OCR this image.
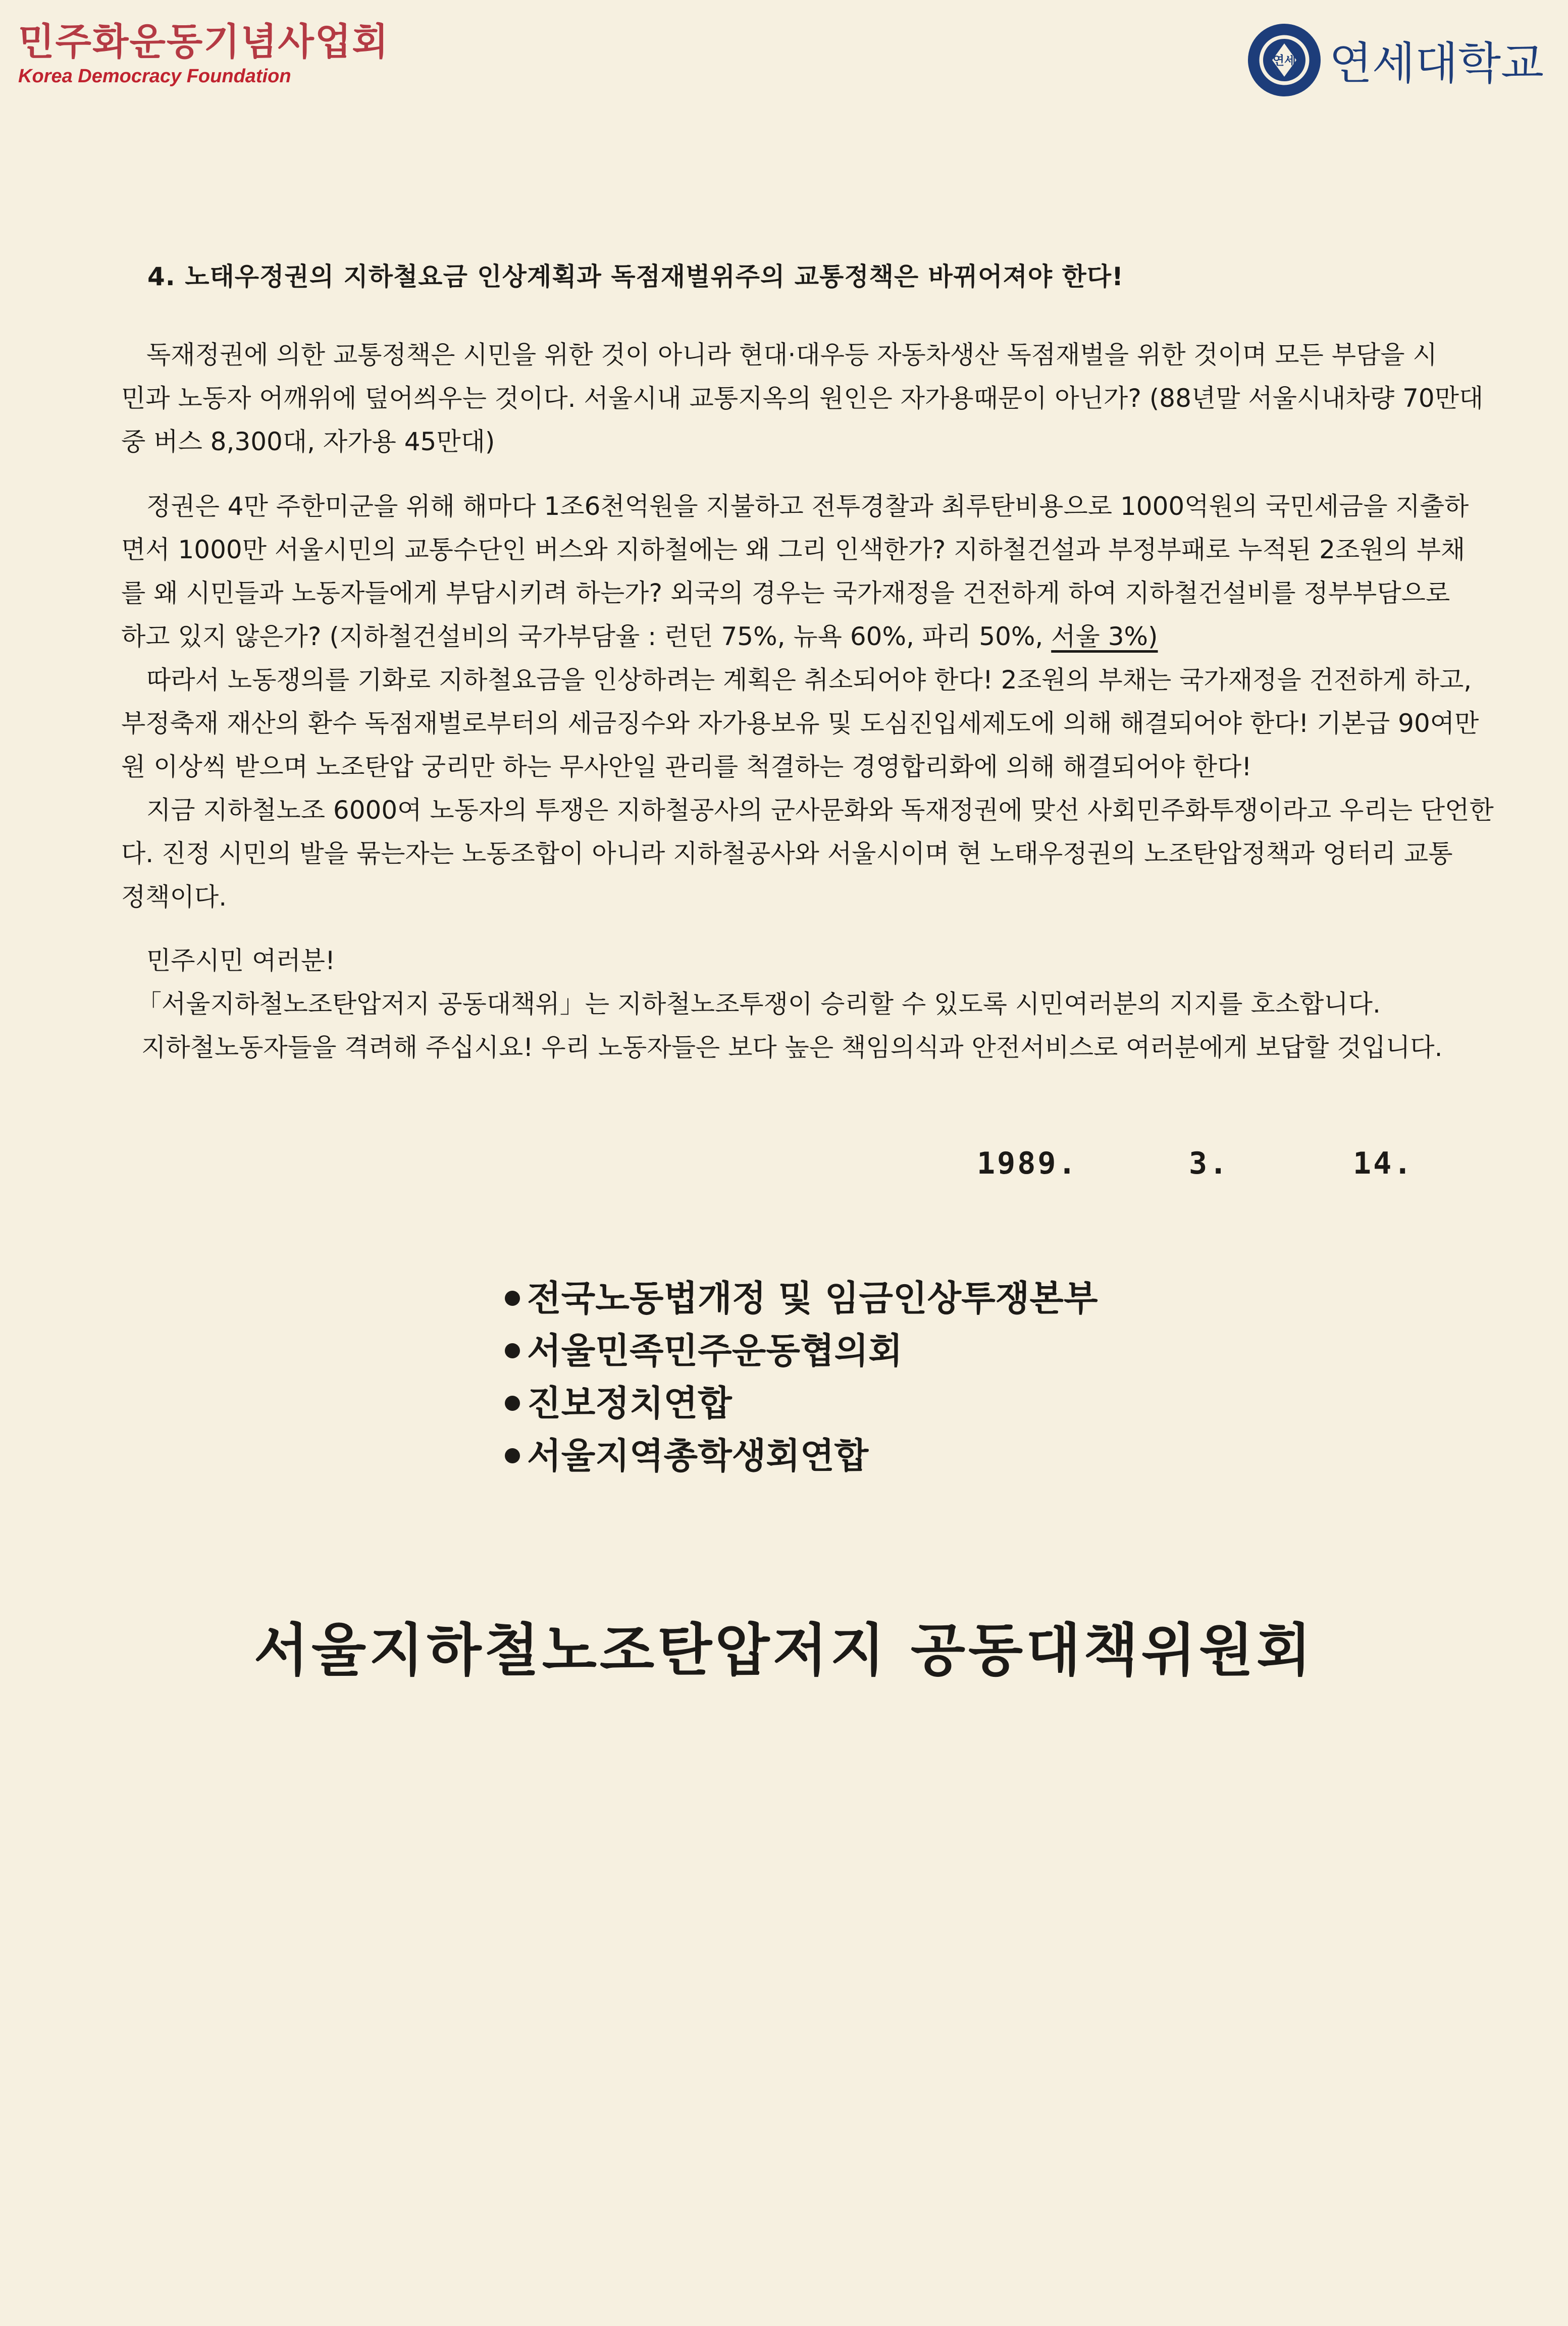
민주화운동기념사업회
Korea Democracy Foundation
연세 연세대학교
4. 노태우정권의 지하철요금 인상계획과 독점재벌위주의 교통정책은 바뀌어져야 한다!
독재정권에 의한 교통정책은 시민을 위한 것이 아니라 현대·대우등 자동차생산 독점재벌을 위한 것이며 모든 부담을 시
민과 노동자 어깨위에 덮어씌우는 것이다. 서울시내 교통지옥의 원인은 자가용때문이 아닌가? (88년말 서울시내차량 70만대
중 버스 8,300대, 자가용 45만대)
정권은 4만 주한미군을 위해 해마다 1조6천억원을 지불하고 전투경찰과 최루탄비용으로 1000억원의 국민세금을 지출하
면서 1000만 서울시민의 교통수단인 버스와 지하철에는 왜 그리 인색한가? 지하철건설과 부정부패로 누적된 2조원의 부채
를 왜 시민들과 노동자들에게 부담시키려 하는가? 외국의 경우는 국가재정을 건전하게 하여 지하철건설비를 정부부담으로
하고 있지 않은가? (지하철건설비의 국가부담율 : 런던 75%, 뉴욕 60%, 파리 50%, 서울 3%)
따라서 노동쟁의를 기화로 지하철요금을 인상하려는 계획은 취소되어야 한다! 2조원의 부채는 국가재정을 건전하게 하고,
부정축재 재산의 환수 독점재벌로부터의 세금징수와 자가용보유 및 도심진입세제도에 의해 해결되어야 한다! 기본급 90여만
원 이상씩 받으며 노조탄압 궁리만 하는 무사안일 관리를 척결하는 경영합리화에 의해 해결되어야 한다!
지금 지하철노조 6000여 노동자의 투쟁은 지하철공사의 군사문화와 독재정권에 맞선 사회민주화투쟁이라고 우리는 단언한
다. 진정 시민의 발을 묶는자는 노동조합이 아니라 지하철공사와 서울시이며 현 노태우정권의 노조탄압정책과 엉터리 교통
정책이다.
민주시민 여러분!
「서울지하철노조탄압저지 공동대책위」는 지하철노조투쟁이 승리할 수 있도록 시민여러분의 지지를 호소합니다.
지하철노동자들을 격려해 주십시요! 우리 노동자들은 보다 높은 책임의식과 안전서비스로 여러분에게 보답할 것입니다.
1989.	3.	14.
전국노동법개정 및 임금인상투쟁본부
서울민족민주운동협의회
진보정치연합
서울지역총학생회연합
서울지하철노조탄압저지 공동대책위원회
